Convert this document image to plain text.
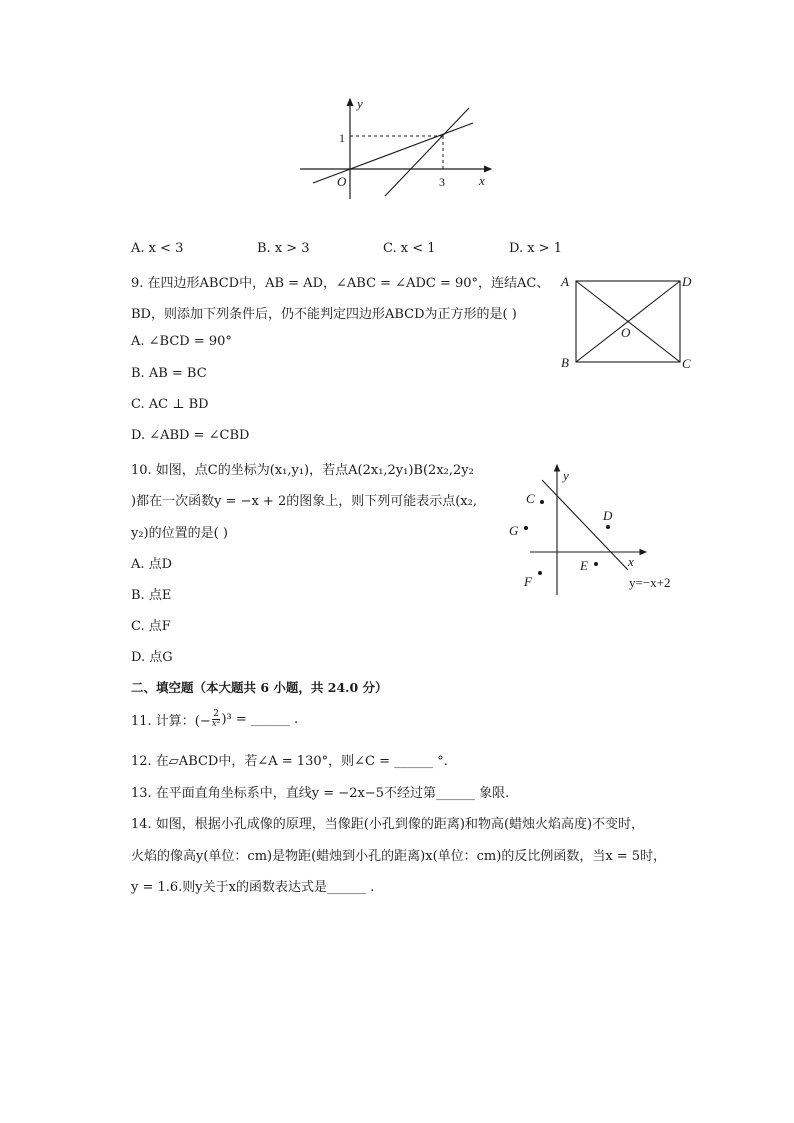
y
x
O
1
3
A. x < 3	B. x > 3	C. x < 1	D. x > 1
9. 在四边形ABCD中，AB = AD，∠ABC = ∠ADC = 90°，连结AC、
BD，则添加下列条件后，仍不能判定四边形ABCD为正方形的是( )
A. ∠BCD = 90°
B. AB = BC
C. AC ⊥ BD
D. ∠ABD = ∠CBD
A	D
B	C
O
10. 如图，点C的坐标为(x₁,y₁)，若点A(2x₁,2y₁)B(2x₂,2y₂
)都在一次函数y = −x + 2的图象上，则下列可能表示点(x₂,
y₂)的位置的是( )
A. 点D
B. 点E
C. 点F
D. 点G
y
x
C
G
D
E
F	y=−x+2
二、填空题（本大题共 6 小题，共 24.0 分）
11. 计算：(− $\frac{2}{\text{x²}} )^3$ = ______ .
12. 在▱ABCD中，若∠A = 130°，则∠C = ______ °.
13. 在平面直角坐标系中，直线y = −2x−5不经过第______ 象限.
14. 如图，根据小孔成像的原理，当像距(小孔到像的距离)和物高(蜡烛火焰高度)不变时，
火焰的像高y(单位：cm)是物距(蜡烛到小孔的距离)x(单位：cm)的反比例函数，当x = 5时，
y = 1.6.则y关于x的函数表达式是______ .
